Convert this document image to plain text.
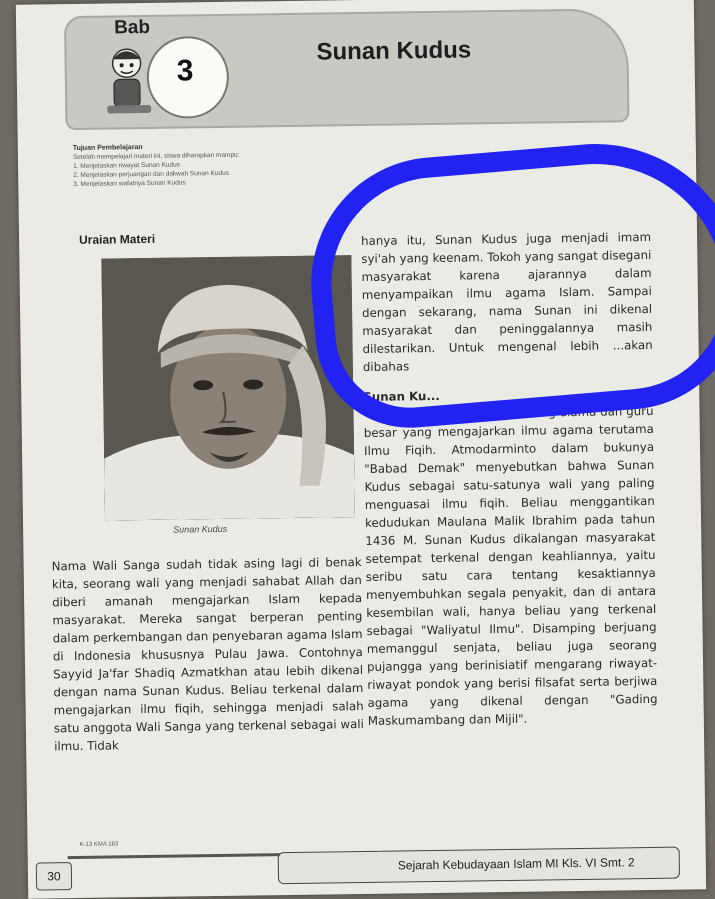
Bab
3
Sunan Kudus
Tujuan Pembelajaran
Setelah mempelajari materi ini, siswa diharapkan mampu:
1. Menjelaskan riwayat Sunan Kudus
2. Menjelaskan perjuangan dan dakwah Sunan Kudus
3. Menjelaskan wafatnya Sunan Kudus
Uraian Materi
Sunan Kudus
Nama Wali Sanga sudah tidak asing lagi di benak kita, seorang wali yang menjadi sahabat Allah dan diberi amanah mengajarkan Islam kepada masyarakat. Mereka sangat berperan penting dalam perkembangan dan penyebaran agama Islam di Indonesia khususnya Pulau Jawa. Contohnya Sayyid Ja'far Shadiq Azmatkhan atau lebih dikenal dengan nama Sunan Kudus. Beliau terkenal dalam mengajarkan ilmu fiqih, sehingga menjadi salah satu anggota Wali Sanga yang terkenal sebagai wali ilmu. Tidak
hanya itu, Sunan Kudus juga menjadi imam syi'ah yang keenam. Tokoh yang sangat disegani masyarakat karena ajarannya dalam menyampaikan ilmu agama Islam. Sampai dengan sekarang, nama Sunan ini dikenal masyarakat dan peninggalannya masih dilestarikan. Untuk mengenal lebih ...akan dibahas
Sunan Ku...
Sunan Kudus adalah seorang ulama dan guru besar yang mengajarkan ilmu agama terutama Ilmu Fiqih. Atmodarminto dalam bukunya "Babad Demak" menyebutkan bahwa Sunan Kudus sebagai satu-satunya wali yang paling menguasai ilmu fiqih. Beliau menggantikan kedudukan Maulana Malik Ibrahim pada tahun 1436 M. Sunan Kudus dikalangan masyarakat setempat terkenal dengan keahliannya, yaitu seribu satu cara tentang kesaktiannya menyembuhkan segala penyakit, dan di antara kesembilan wali, hanya beliau yang terkenal sebagai "Waliyatul Ilmu". Disamping berjuang memanggul senjata, beliau juga seorang pujangga yang berinisiatif mengarang riwayat-riwayat pondok yang berisi filsafat serta berjiwa agama yang dikenal dengan "Gading Maskumambang dan Mijil".
K-13 KMA 183
30
Sejarah Kebudayaan Islam MI Kls. VI Smt. 2
